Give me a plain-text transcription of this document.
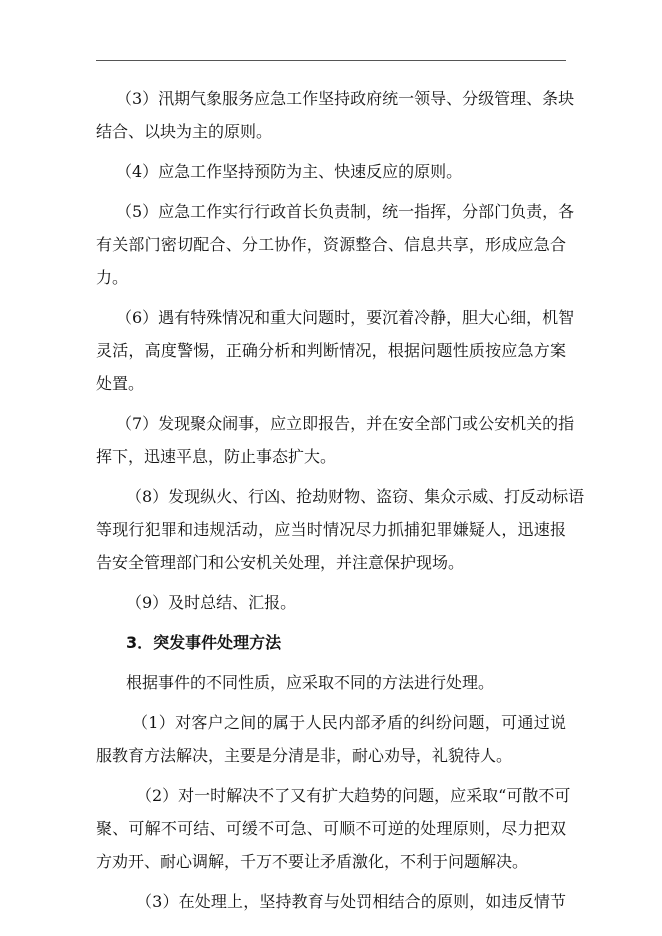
（3）汛期气象服务应急工作坚持政府统一领导、分级管理、条块
结合、以块为主的原则。
（4）应急工作坚持预防为主、快速反应的原则。
（5）应急工作实行行政首长负责制，统一指挥，分部门负责，各
有关部门密切配合、分工协作，资源整合、信息共享，形成应急合
力。
（6）遇有特殊情况和重大问题时，要沉着冷静，胆大心细，机智
灵活，高度警惕，正确分析和判断情况，根据问题性质按应急方案
处置。
（7）发现聚众闹事，应立即报告，并在安全部门或公安机关的指
挥下，迅速平息，防止事态扩大。
（8）发现纵火、行凶、抢劫财物、盗窃、集众示威、打反动标语
等现行犯罪和违规活动，应当时情况尽力抓捕犯罪嫌疑人，迅速报
告安全管理部门和公安机关处理，并注意保护现场。
（9）及时总结、汇报。
3．突发事件处理方法
根据事件的不同性质，应采取不同的方法进行处理。
（1）对客户之间的属于人民内部矛盾的纠纷问题，可通过说
服教育方法解决，主要是分清是非，耐心劝导，礼貌待人。
（2）对一时解决不了又有扩大趋势的问题，应采取“可散不可
聚、可解不可结、可缓不可急、可顺不可逆的处理原则，尽力把双
方劝开、耐心调解，千万不要让矛盾激化，不利于问题解决。
（3）在处理上，坚持教育与处罚相结合的原则，如违反情节
